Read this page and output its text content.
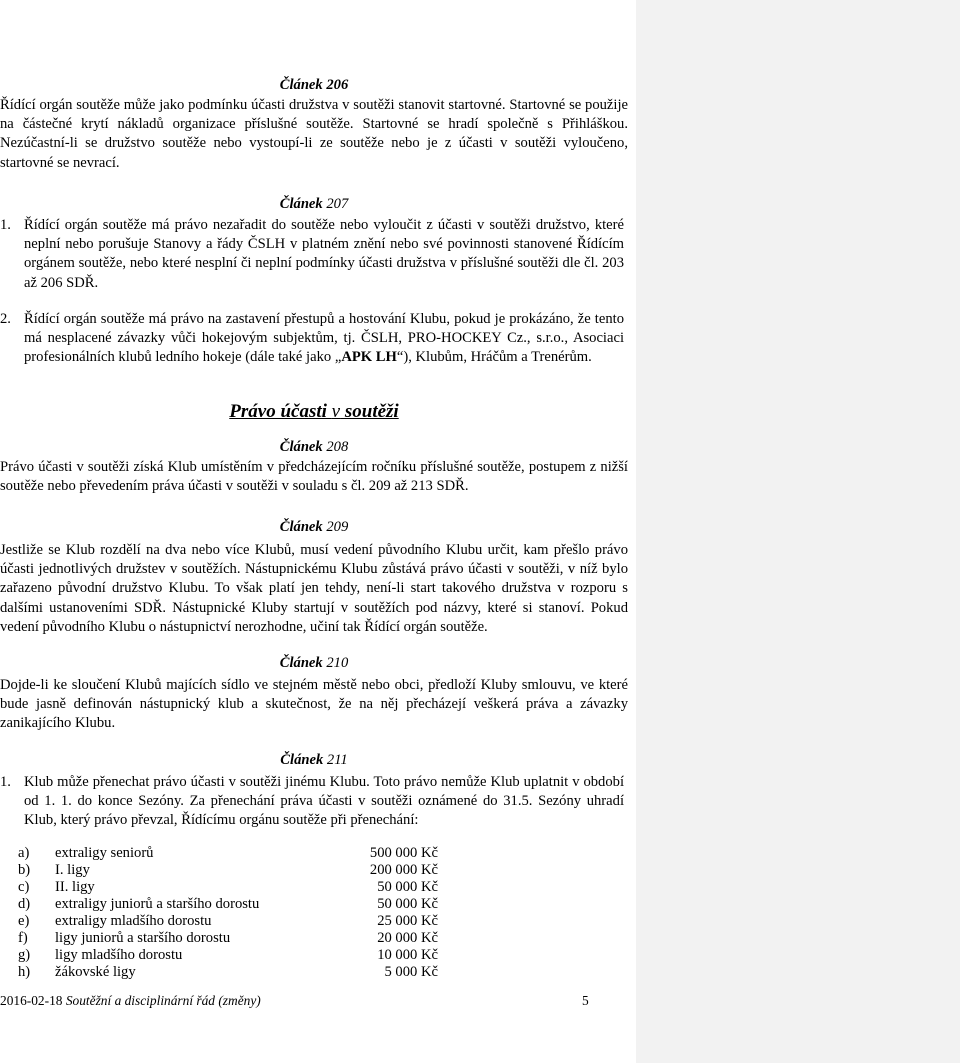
Článek 206
Řídící orgán soutěže může jako podmínku účasti družstva v soutěži stanovit startovné. Startovné se použije na částečné krytí nákladů organizace příslušné soutěže. Startovné se hradí společně s Přihláškou. Nezúčastní-li se družstvo soutěže nebo vystoupí-li ze soutěže nebo je z účasti v soutěži vyloučeno, startovné se nevrací.
Článek 207
1. Řídící orgán soutěže má právo nezařadit do soutěže nebo vyloučit z účasti v soutěži družstvo, které neplní nebo porušuje Stanovy a řády ČSLH v platném znění nebo své povinnosti stanovené Řídícím orgánem soutěže, nebo které nesplní či neplní podmínky účasti družstva v příslušné soutěži dle čl. 203 až 206 SDŘ.
2. Řídící orgán soutěže má právo na zastavení přestupů a hostování Klubu, pokud je prokázáno, že tento má nesplacené závazky vůči hokejovým subjektům, tj. ČSLH, PRO-HOCKEY Cz., s.r.o., Asociaci profesionálních klubů ledního hokeje (dále také jako „APK LH“), Klubům, Hráčům a Trenérům.
Právo účasti v soutěži
Článek 208
Právo účasti v soutěži získá Klub umístěním v předcházejícím ročníku příslušné soutěže, postupem z nižší soutěže nebo převedením práva účasti v soutěži v souladu s čl. 209 až 213 SDŘ.
Článek 209
Jestliže se Klub rozdělí na dva nebo více Klubů, musí vedení původního Klubu určit, kam přešlo právo účasti jednotlivých družstev v soutěžích. Nástupnickému Klubu zůstává právo účasti v soutěži, v níž bylo zařazeno původní družstvo Klubu. To však platí jen tehdy, není-li start takového družstva v rozporu s dalšími ustanoveními SDŘ. Nástupnické Kluby startují v soutěžích pod názvy, které si stanoví. Pokud vedení původního Klubu o nástupnictví nerozhodne, učiní tak Řídící orgán soutěže.
Článek 210
Dojde-li ke sloučení Klubů majících sídlo ve stejném městě nebo obci, předloží Kluby smlouvu, ve které bude jasně definován nástupnický klub a skutečnost, že na něj přecházejí veškerá práva a závazky zanikajícího Klubu.
Článek 211
1. Klub může přenechat právo účasti v soutěži jinému Klubu. Toto právo nemůže Klub uplatnit v období od 1. 1. do konce Sezóny. Za přenechání práva účasti v soutěži oznámené do 31.5. Sezóny uhradí Klub, který právo převzal, Řídícímu orgánu soutěže při přenechání:
a) extraligy seniorů	500 000 Kč
b) I. ligy	200 000 Kč
c) II. ligy	50 000 Kč
d) extraligy juniorů a staršího dorostu	50 000 Kč
e) extraligy mladšího dorostu	25 000 Kč
f) ligy juniorů a staršího dorostu	20 000 Kč
g) ligy mladšího dorostu	10 000 Kč
h) žákovské ligy	5 000 Kč
2016-02-18 Soutěžní a disciplinární řád (změny)	5
